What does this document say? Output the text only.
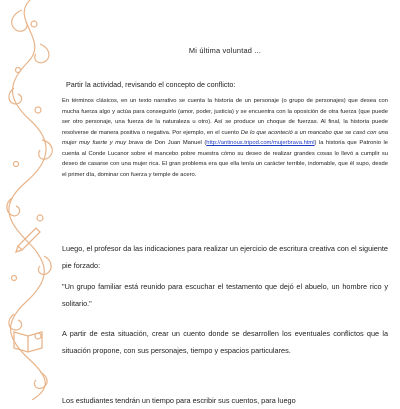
Mi última voluntad ...
Partir la actividad, revisando el concepto de conflicto:
En términos clásicos, en un texto narrativo se cuenta la historia de un personaje (o grupo de personajes) que desea con mucha fuerza algo y actúa para conseguirlo (amor, poder, justicia) y se encuentra con la oposición de otra fuerza (que puede ser otro personaje, una fuerza de la naturaleza u otro). Así se produce un choque de fuerzas. Al final, la historia puede resolverse de manera positiva o negativa. Por ejemplo, en el cuento De lo que aconteció a un mancebo que se casó con una mujer muy fuerte y muy brava de Don Juan Manuel (http://antinous.tripod.com/mujerbrava.html) la historia que Patronio le cuenta al Conde Lucanor sobre el mancebo pobre muestra cómo su deseo de realizar grandes cosas lo llevó a cumplir su deseo de casarse con una mujer rica. El gran problema era que ella tenía un carácter terrible, indomable, que él supo, desde el primer día, dominar con fuerza y temple de acero.
Luego, el profesor da las indicaciones para realizar un ejercicio de escritura creativa con el siguiente pie forzado:
"Un grupo familiar está reunido para escuchar el testamento que dejó el abuelo, un hombre rico y solitario."
A partir de esta situación, crear un cuento donde se desarrollen los eventuales conflictos que la situación propone, con sus personajes, tiempo y espacios particulares.
Los estudiantes tendrán un tiempo para escribir sus cuentos, para luego
